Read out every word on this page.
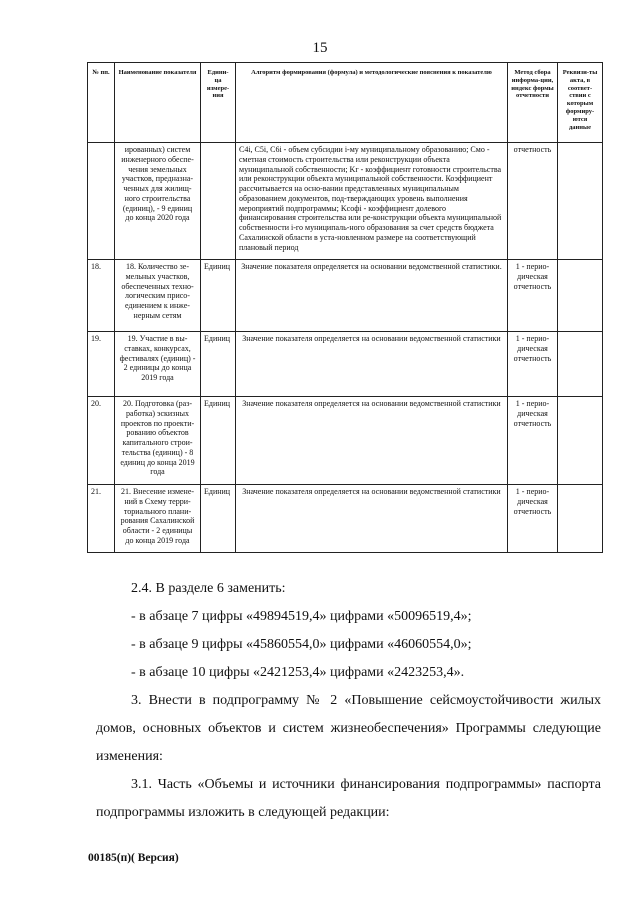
15
№ пп.	Наименование показателя	Едини-ца измере-ния	Алгоритм формирования (формула) и методологические пояснения к показателю	Метод сбора информа-ции, индекс формы отчетности	Реквизи-ты акта, в соответ-ствии с которым формиру-ются данные
	ированных) систем инженерного обеспе-чения земельных участков, предназна-ченных для жилищ-ного строительства (единиц), - 9 единиц до конца 2020 года		C4i, C5i, C6i - объем субсидии i-му муниципальному образованию; Cмо - сметная стоимость строительства или реконструкции объекта муниципальной собственности; Kг - коэффициент готовности строительства или реконструкции объекта муниципальной собственности. Коэффициент рассчитывается на осно-вании представленных муниципальным образованием документов, под-тверждающих уровень выполнения мероприятий подпрограммы; Kcофi - коэффициент долевого финансирования строительства или ре-конструкции объекта муниципальной собственности i-го муниципаль-ного образования за счет средств бюджета Сахалинской области в уста-новленном размере на соответствующий плановый период	отчетность	
18.	18. Количество зе-мельных участков, обеспеченных техно-логическим присо-единением к инже-нерным сетям	Единиц	Значение показателя определяется на основании ведомственной статистики.	1 - перио-дическая отчетность	
19.	19. Участие в вы-ставках, конкурсах, фестивалях (единиц) - 2 единицы до конца 2019 года	Единиц	Значение показателя определяется на основании ведомственной статистики	1 - перио-дическая отчетность	
20.	20. Подготовка (раз-работка) эскизных проектов по проекти-рованию объектов капитального строи-тельства (единиц) - 8 единиц до конца 2019 года	Единиц	Значение показателя определяется на основании ведомственной статистики	1 - перио-дическая отчетность	
21.	21. Внесение измене-ний в Схему терри-ториального плани-рования Сахалинской области - 2 единицы до конца 2019 года	Единиц	Значение показателя определяется на основании ведомственной статистики	1 - перио-дическая отчетность	
2.4. В разделе 6 заменить:
- в абзаце 7 цифры «49894519,4» цифрами «50096519,4»;
- в абзаце 9 цифры «45860554,0» цифрами «46060554,0»;
- в абзаце 10 цифры «2421253,4» цифрами «2423253,4».
3. Внести в подпрограмму № 2 «Повышение сейсмоустойчивости жилых домов, основных объектов и систем жизнеобеспечения» Программы следующие изменения:
3.1. Часть «Объемы и источники финансирования подпрограммы» паспорта подпрограммы изложить в следующей редакции:
00185(п)( Версия)
